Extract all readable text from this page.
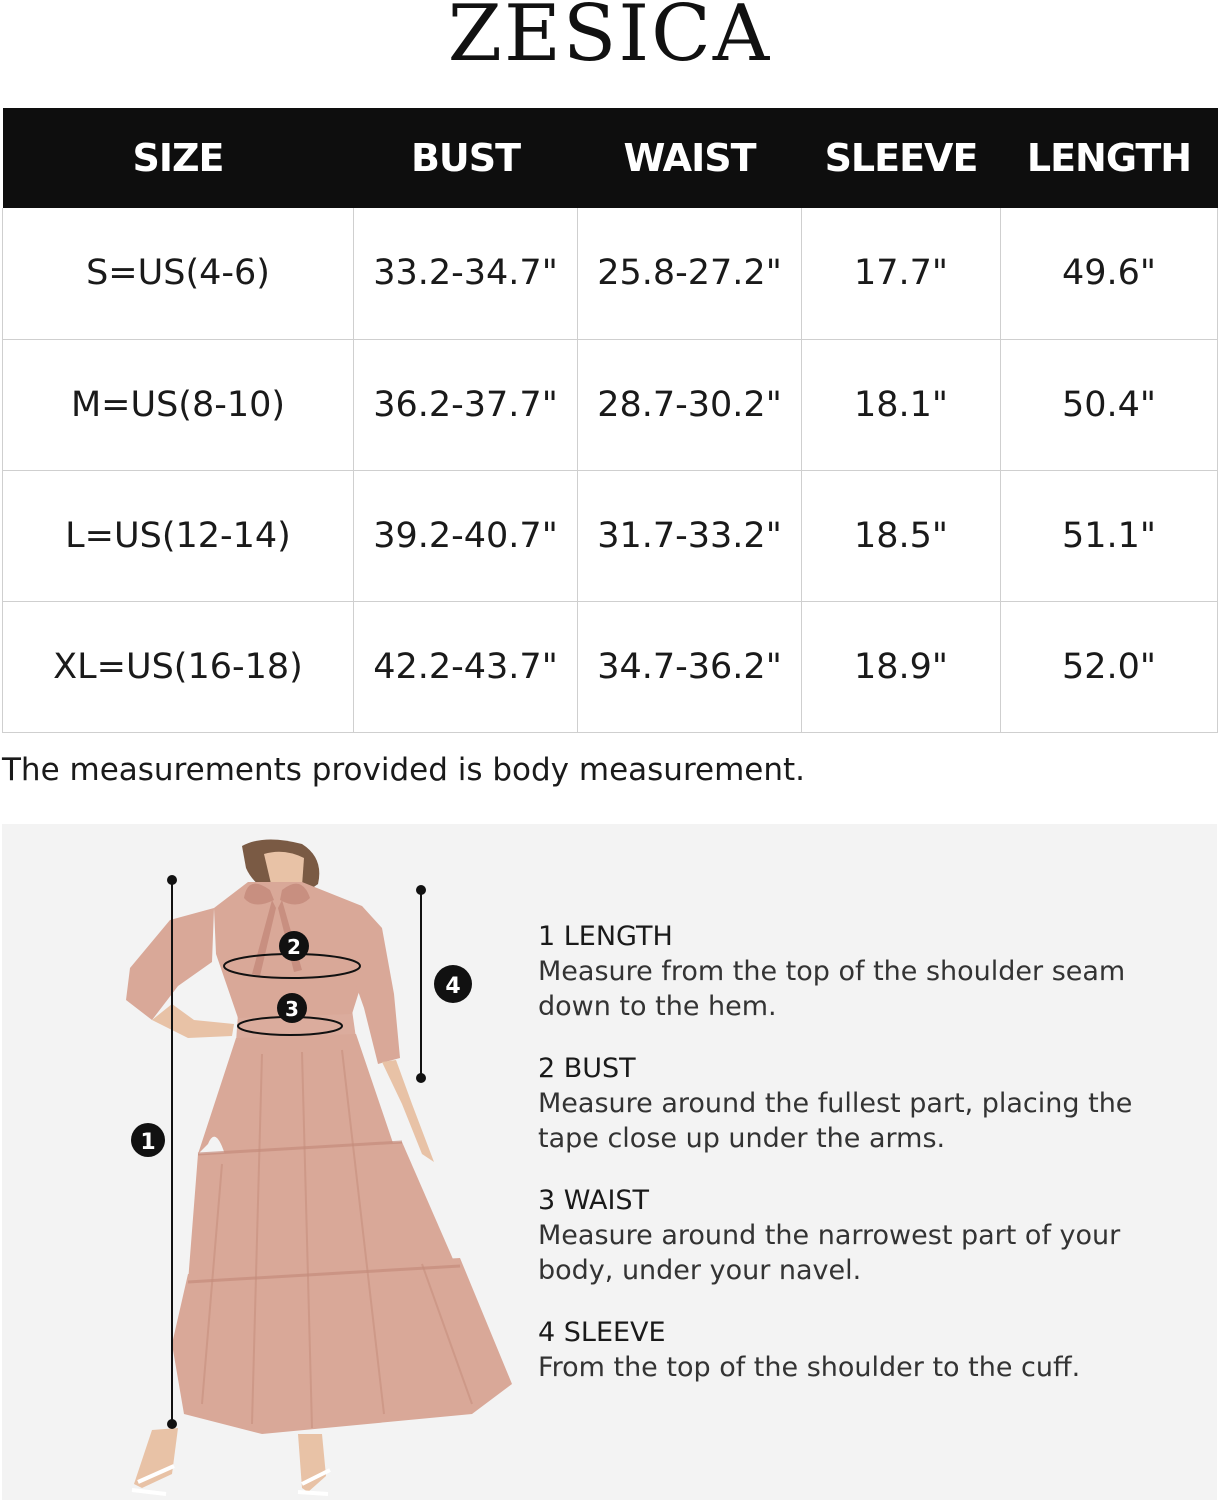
ZESICA
SIZE	BUST	WAIST	SLEEVE	LENGTH
S=US(4-6)	33.2-34.7"	25.8-27.2"	17.7"	49.6"
M=US(8-10)	36.2-37.7"	28.7-30.2"	18.1"	50.4"
L=US(12-14)	39.2-40.7"	31.7-33.2"	18.5"	51.1"
XL=US(16-18)	42.2-43.7"	34.7-36.2"	18.9"	52.0"
The measurements provided is body measurement.
1
2
3
4
1 LENGTH
Measure from the top of the shoulder seam down to the hem.
2 BUST
Measure around the fullest part, placing the tape close up under the arms.
3 WAIST
Measure around the narrowest part of your body, under your navel.
4 SLEEVE
From the top of the shoulder to the cuff.
